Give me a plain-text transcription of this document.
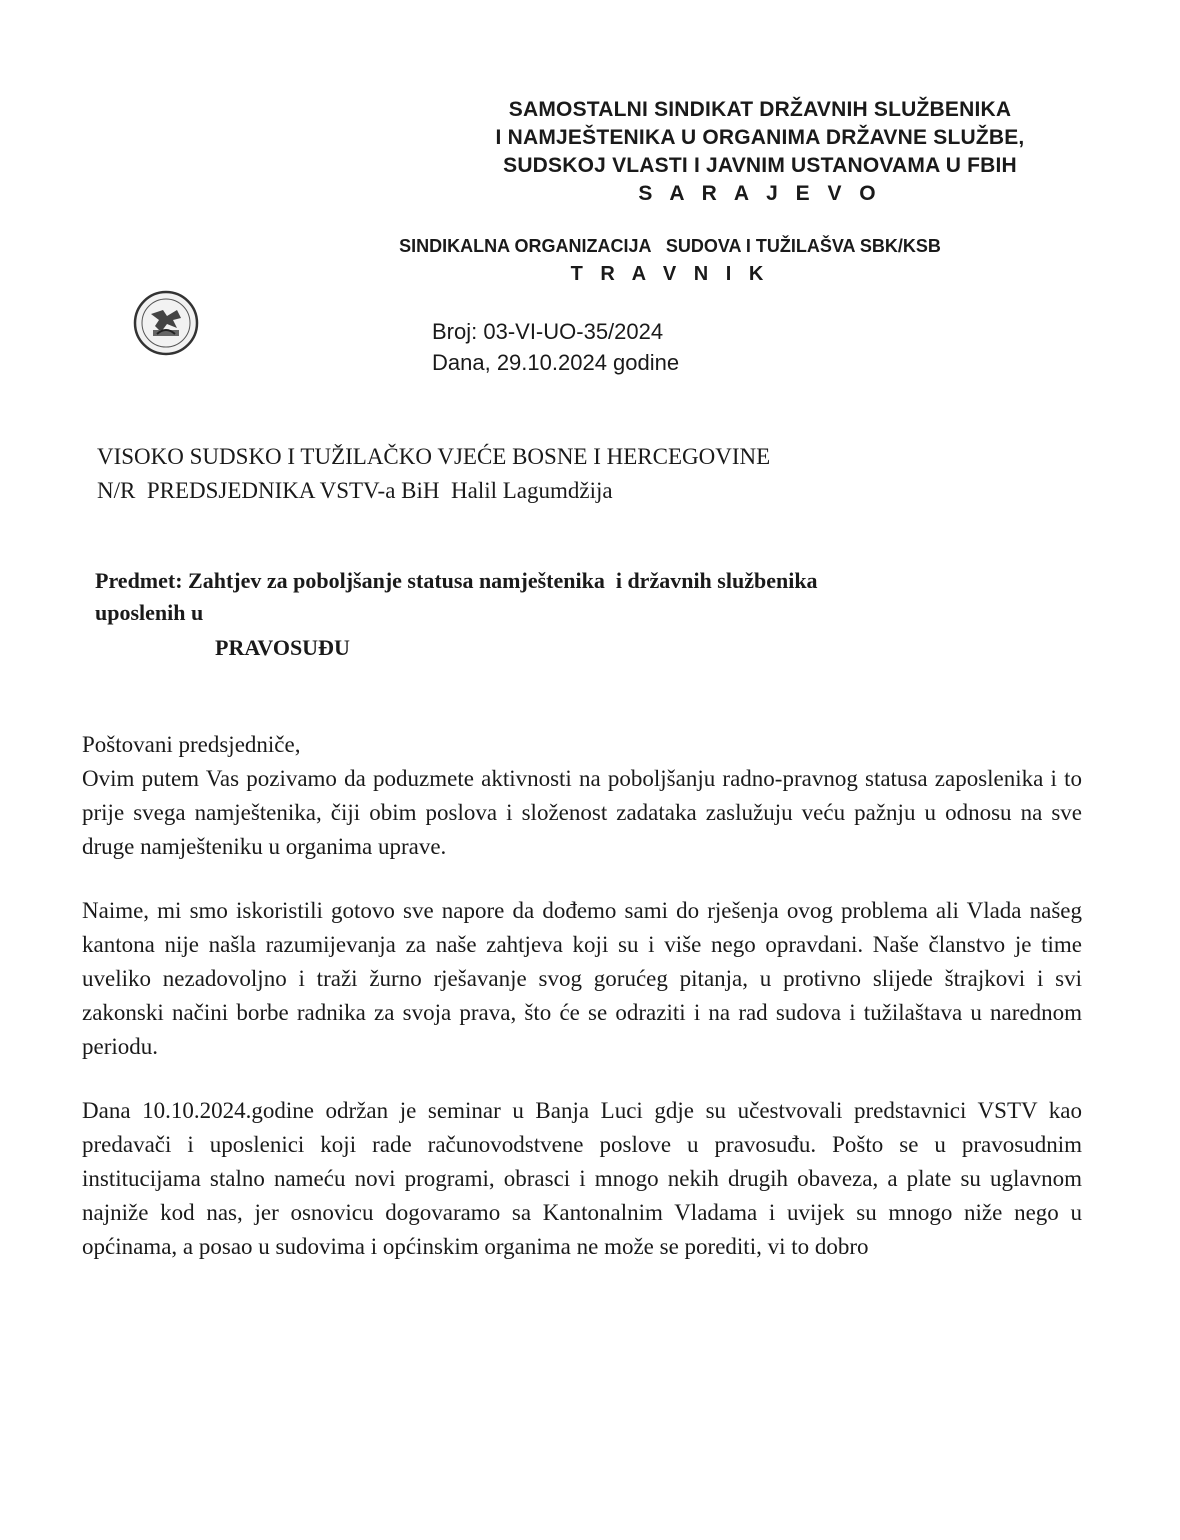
SAMOSTALNI SINDIKAT DRŽAVNIH SLUŽBENIKA
I NAMJEŠTENIKA U ORGANIMA DRŽAVNE SLUŽBE,
SUDSKOJ VLASTI I JAVNIM USTANOVAMA U FBIH
S A R A J E V O
SINDIKALNA ORGANIZACIJA   SUDOVA I TUŽILAŠVA SBK/KSB
T R A V N I K
Broj: 03-VI-UO-35/2024
Dana, 29.10.2024 godine
VISOKO SUDSKO I TUŽILAČKO VJEĆE BOSNE I HERCEGOVINE
N/R  PREDSJEDNIKA VSTV-a BiH  Halil Lagumdžija
Predmet: Zahtjev za poboljšanje statusa namještenika  i državnih službenika
uposlenih u
PRAVOSUĐU
Poštovani predsjedniče,

Ovim putem Vas pozivamo da poduzmete aktivnosti na poboljšanju radno-pravnog statusa zaposlenika i to prije svega namještenika, čiji obim poslova i složenost zadataka zaslužuju veću pažnju u odnosu na sve druge namješteniku u organima uprave.

Naime, mi smo iskoristili gotovo sve napore da dođemo sami do rješenja ovog problema ali Vlada našeg kantona nije našla razumijevanja za naše zahtjeva koji su i više nego opravdani. Naše članstvo je time uveliko nezadovoljno i traži žurno rješavanje svog gorućeg pitanja, u protivno slijede štrajkovi i svi zakonski načini borbe radnika za svoja prava, što će se odraziti i na rad sudova i tužilaštava u narednom periodu.

Dana 10.10.2024.godine održan je seminar u Banja Luci gdje su učestvovali predstavnici VSTV kao predavači i uposlenici koji rade računovodstvene poslove u pravosuđu. Pošto se u pravosudnim institucijama stalno nameću novi programi, obrasci i mnogo nekih drugih obaveza, a plate su uglavnom najniže kod nas, jer osnovicu dogovaramo sa Kantonalnim Vladama i uvijek su mnogo niže nego u općinama, a posao u sudovima i općinskim organima ne može se porediti, vi to dobro
